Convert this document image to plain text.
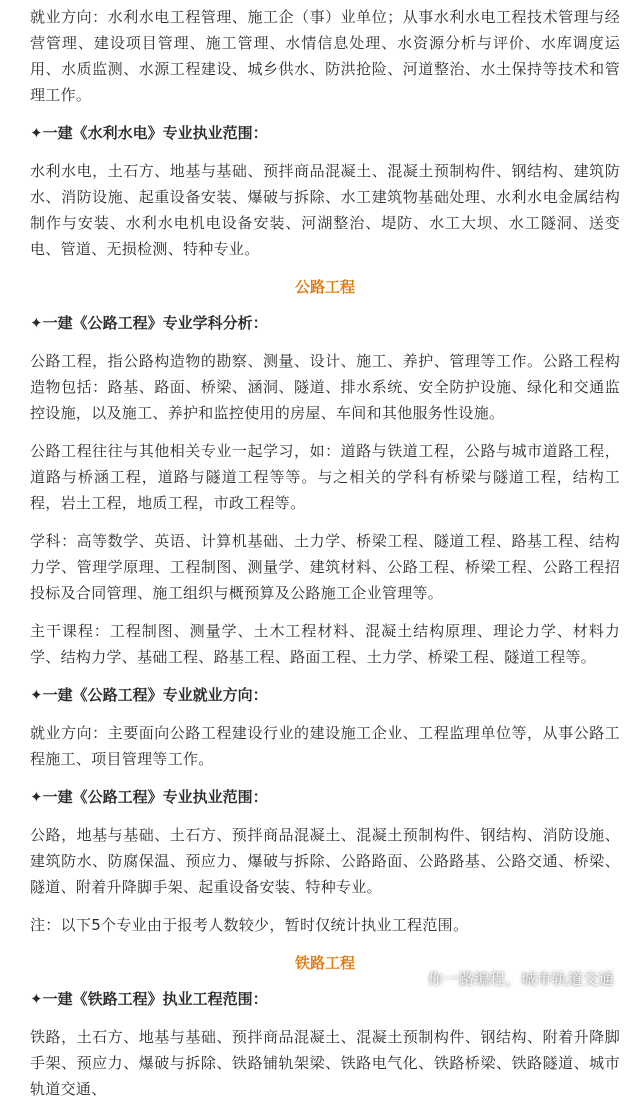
就业方向：水利水电工程管理、施工企（事）业单位；从事水利水电工程技术管理与经营管理、建设项目管理、施工管理、水情信息处理、水资源分析与评价、水库调度运用、水质监测、水源工程建设、城乡供水、防洪抢险、河道整治、水土保持等技术和管理工作。

✦一建《水利水电》专业执业范围：

水利水电，土石方、地基与基础、预拌商品混凝土、混凝土预制构件、钢结构、建筑防水、消防设施、起重设备安装、爆破与拆除、水工建筑物基础处理、水利水电金属结构制作与安装、水利水电机电设备安装、河湖整治、堤防、水工大坝、水工隧洞、送变电、管道、无损检测、特种专业。

公路工程
✦一建《公路工程》专业学科分析：

公路工程，指公路构造物的勘察、测量、设计、施工、养护、管理等工作。公路工程构造物包括：路基、路面、桥梁、涵洞、隧道、排水系统、安全防护设施、绿化和交通监控设施，以及施工、养护和监控使用的房屋、车间和其他服务性设施。

公路工程往往与其他相关专业一起学习，如：道路与铁道工程，公路与城市道路工程，道路与桥涵工程，道路与隧道工程等等。与之相关的学科有桥梁与隧道工程，结构工程，岩土工程，地质工程，市政工程等。

学科：高等数学、英语、计算机基础、土力学、桥梁工程、隧道工程、路基工程、结构力学、管理学原理、工程制图、测量学、建筑材料、公路工程、桥梁工程、公路工程招投标及合同管理、施工组织与概预算及公路施工企业管理等。

主干课程：工程制图、测量学、土木工程材料、混凝土结构原理、理论力学、材料力学、结构力学、基础工程、路基工程、路面工程、土力学、桥梁工程、隧道工程等。

✦一建《公路工程》专业就业方向：

就业方向：主要面向公路工程建设行业的建设施工企业、工程监理单位等，从事公路工程施工、项目管理等工作。

✦一建《公路工程》专业执业范围：

公路，地基与基础、土石方、预拌商品混凝土、混凝土预制构件、钢结构、消防设施、建筑防水、防腐保温、预应力、爆破与拆除、公路路面、公路路基、公路交通、桥梁、隧道、附着升降脚手架、起重设备安装、特种专业。

注：以下5个专业由于报考人数较少，暂时仅统计执业工程范围。

铁路工程
✦一建《铁路工程》执业工程范围：

铁路，土石方、地基与基础、预拌商品混凝土、混凝土预制构件、钢结构、附着升降脚手架、预应力、爆破与拆除、铁路铺轨架梁、铁路电气化、铁路桥梁、铁路隧道、城市轨道交通、

你一路编程，城市轨道交通
